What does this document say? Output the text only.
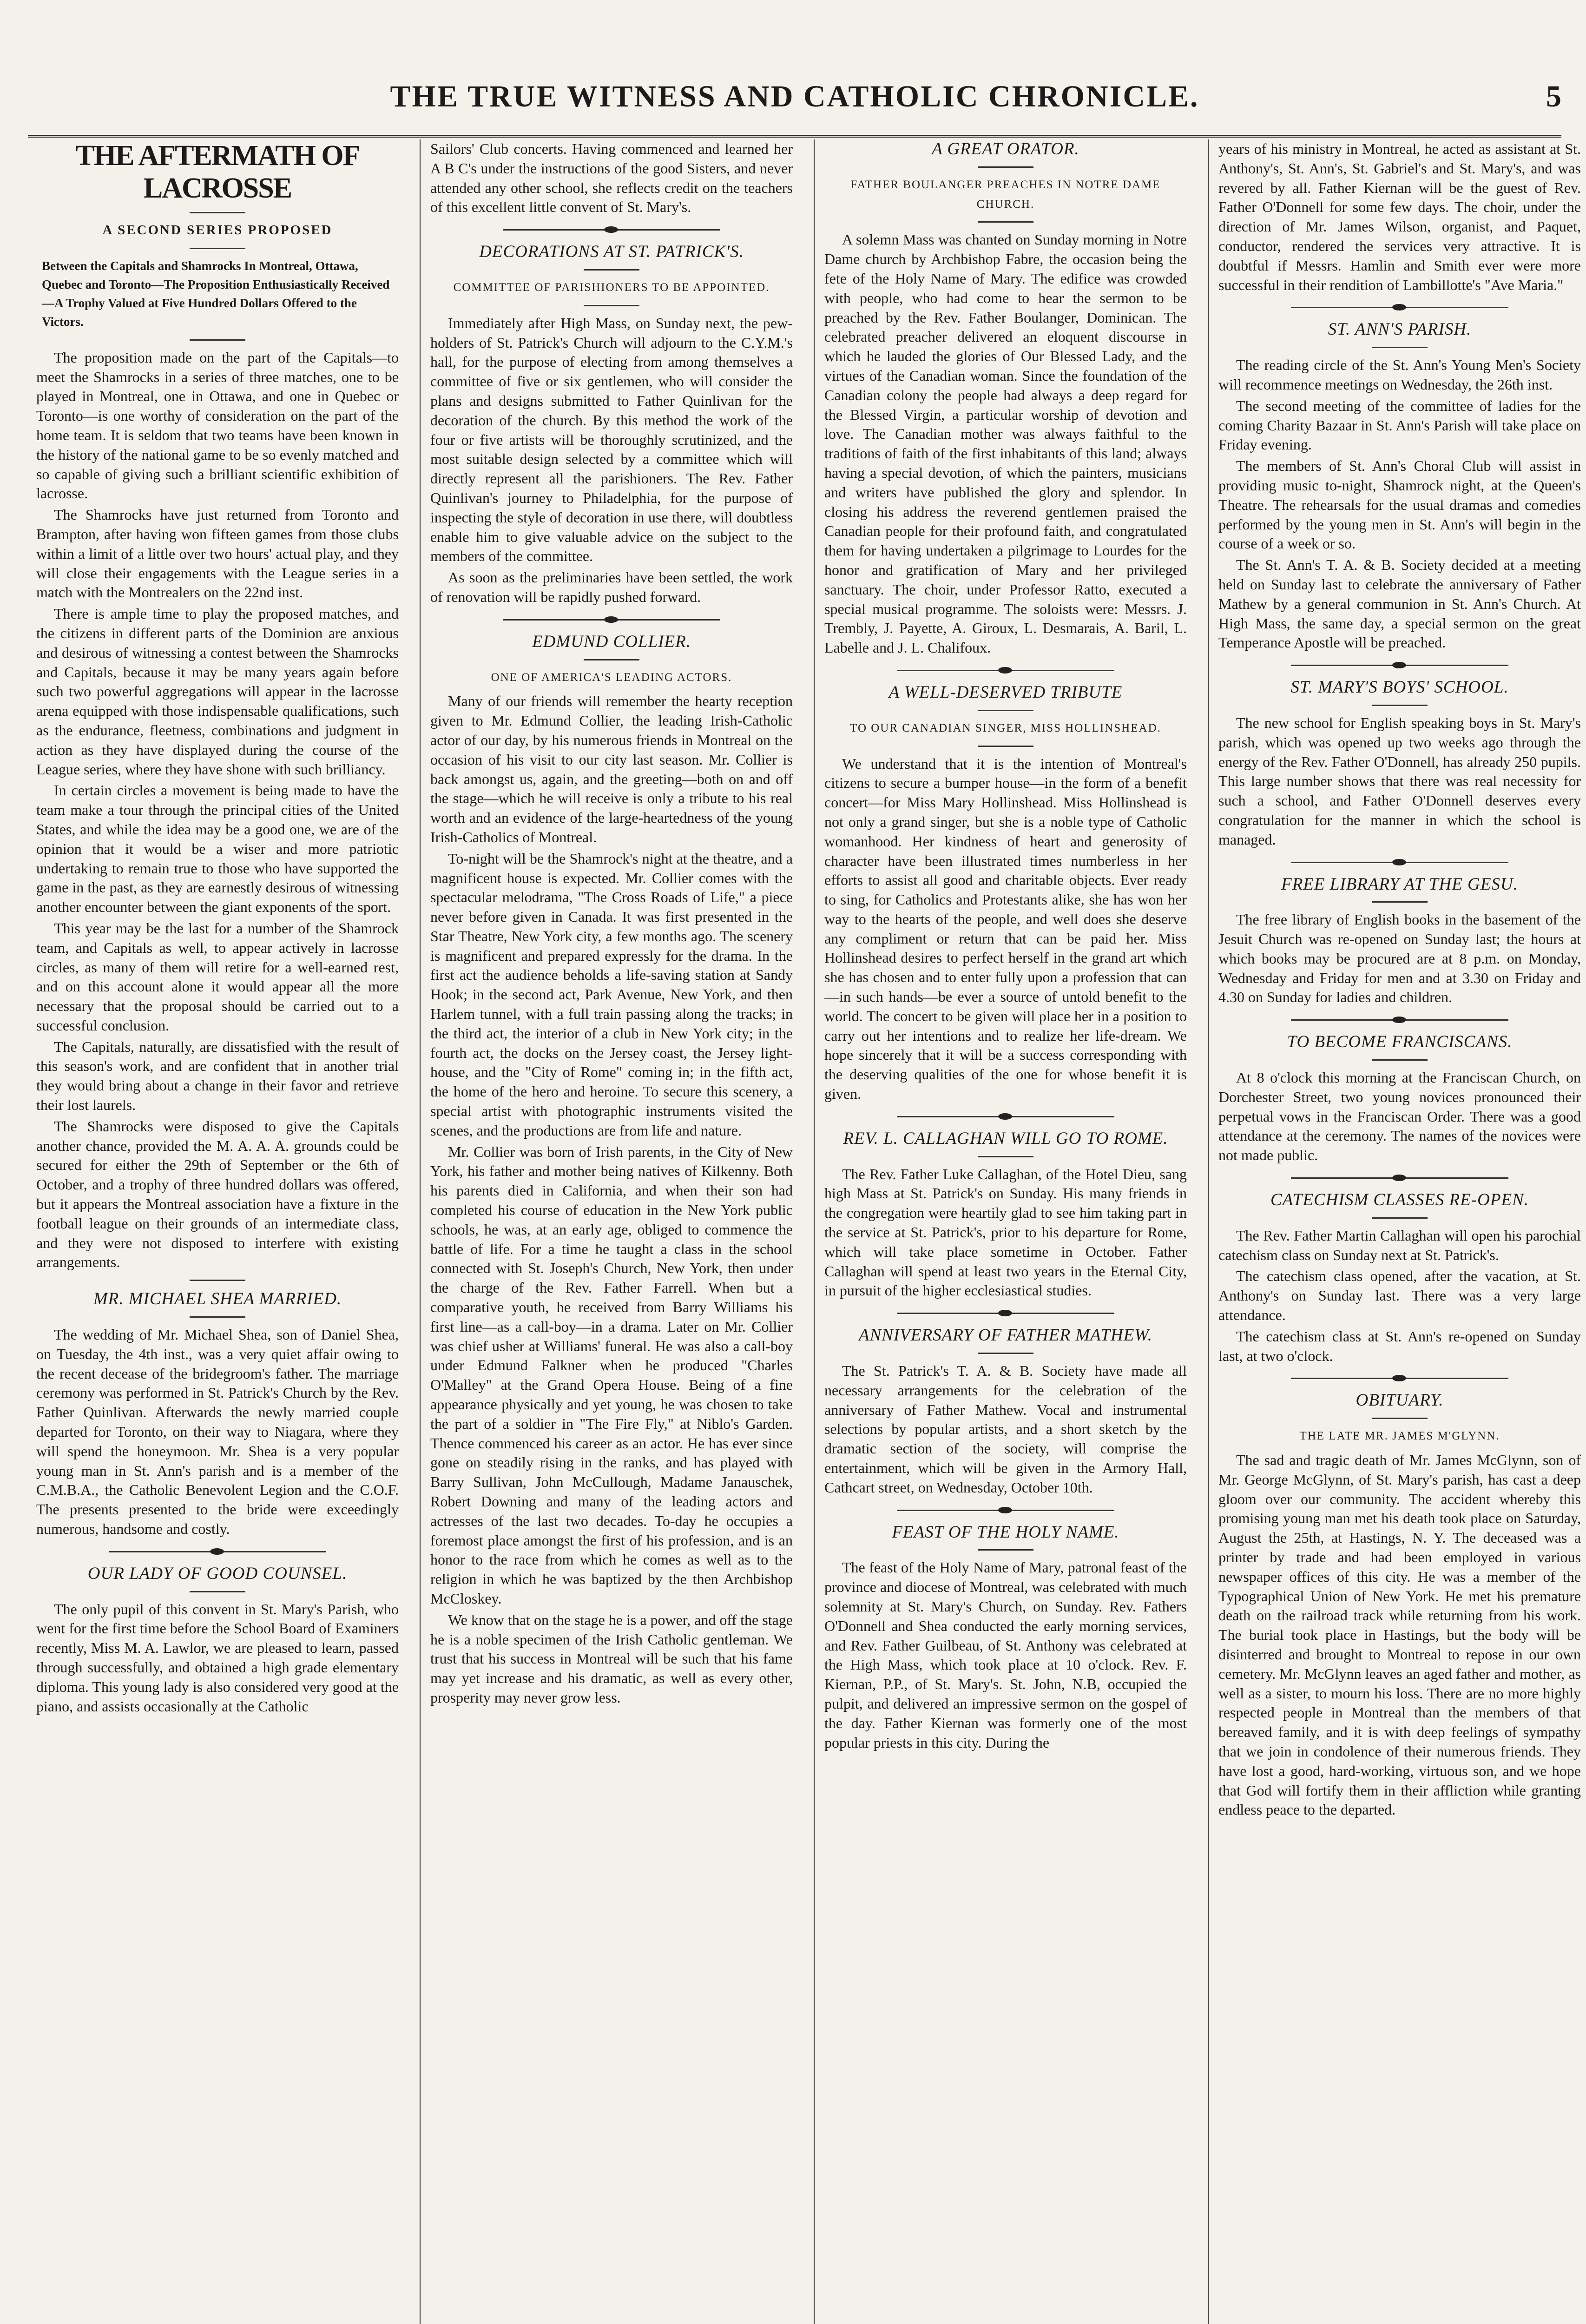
THE TRUE WITNESS AND CATHOLIC CHRONICLE.	5
THE AFTERMATH OF LACROSSE
A SECOND SERIES PROPOSED
Between the Capitals and Shamrocks In Montreal, Ottawa, Quebec and Toronto—The Proposition Enthusiastically Received—A Trophy Valued at Five Hundred Dollars Offered to the Victors.

The proposition made on the part of the Capitals—to meet the Shamrocks in a series of three matches, one to be played in Montreal, one in Ottawa, and one in Quebec or Toronto—is one worthy of consideration on the part of the home team. It is seldom that two teams have been known in the history of the national game to be so evenly matched and so capable of giving such a brilliant scientific exhibition of lacrosse.

The Shamrocks have just returned from Toronto and Brampton, after having won fifteen games from those clubs within a limit of a little over two hours' actual play, and they will close their engagements with the League series in a match with the Montrealers on the 22nd inst.

There is ample time to play the proposed matches, and the citizens in different parts of the Dominion are anxious and desirous of witnessing a contest between the Shamrocks and Capitals, because it may be many years again before such two powerful aggregations will appear in the lacrosse arena equipped with those indispensable qualifications, such as the endurance, fleetness, combinations and judgment in action as they have displayed during the course of the League series, where they have shone with such brilliancy.

In certain circles a movement is being made to have the team make a tour through the principal cities of the United States, and while the idea may be a good one, we are of the opinion that it would be a wiser and more patriotic undertaking to remain true to those who have supported the game in the past, as they are earnestly desirous of witnessing another encounter between the giant exponents of the sport.

This year may be the last for a number of the Shamrock team, and Capitals as well, to appear actively in lacrosse circles, as many of them will retire for a well-earned rest, and on this account alone it would appear all the more necessary that the proposal should be carried out to a successful conclusion.

The Capitals, naturally, are dissatisfied with the result of this season's work, and are confident that in another trial they would bring about a change in their favor and retrieve their lost laurels.

The Shamrocks were disposed to give the Capitals another chance, provided the M. A. A. A. grounds could be secured for either the 29th of September or the 6th of October, and a trophy of three hundred dollars was offered, but it appears the Montreal association have a fixture in the football league on their grounds of an intermediate class, and they were not disposed to interfere with existing arrangements.

MR. MICHAEL SHEA MARRIED.

The wedding of Mr. Michael Shea, son of Daniel Shea, on Tuesday, the 4th inst., was a very quiet affair owing to the recent decease of the bridegroom's father. The marriage ceremony was performed in St. Patrick's Church by the Rev. Father Quinlivan. Afterwards the newly married couple departed for Toronto, on their way to Niagara, where they will spend the honeymoon. Mr. Shea is a very popular young man in St. Ann's parish and is a member of the C.M.B.A., the Catholic Benevolent Legion and the C.O.F. The presents presented to the bride were exceedingly numerous, handsome and costly.

OUR LADY OF GOOD COUNSEL.

The only pupil of this convent in St. Mary's Parish, who went for the first time before the School Board of Examiners recently, Miss M. A. Lawlor, we are pleased to learn, passed through successfully, and obtained a high grade elementary diploma. This young lady is also considered very good at the piano, and assists occasionally at the Catholic

Sailors' Club concerts. Having commenced and learned her A B C's under the instructions of the good Sisters, and never attended any other school, she reflects credit on the teachers of this excellent little convent of St. Mary's.

DECORATIONS AT ST. PATRICK'S.
COMMITTEE OF PARISHIONERS TO BE APPOINTED.

Immediately after High Mass, on Sunday next, the pew-holders of St. Patrick's Church will adjourn to the C.Y.M.'s hall, for the purpose of electing from among themselves a committee of five or six gentlemen, who will consider the plans and designs submitted to Father Quinlivan for the decoration of the church. By this method the work of the four or five artists will be thoroughly scrutinized, and the most suitable design selected by a committee which will directly represent all the parishioners. The Rev. Father Quinlivan's journey to Philadelphia, for the purpose of inspecting the style of decoration in use there, will doubtless enable him to give valuable advice on the subject to the members of the committee.

As soon as the preliminaries have been settled, the work of renovation will be rapidly pushed forward.

EDMUND COLLIER.
ONE OF AMERICA'S LEADING ACTORS.

Many of our friends will remember the hearty reception given to Mr. Edmund Collier, the leading Irish-Catholic actor of our day, by his numerous friends in Montreal on the occasion of his visit to our city last season. Mr. Collier is back amongst us, again, and the greeting—both on and off the stage—which he will receive is only a tribute to his real worth and an evidence of the large-heartedness of the young Irish-Catholics of Montreal.

To-night will be the Shamrock's night at the theatre, and a magnificent house is expected. Mr. Collier comes with the spectacular melodrama, "The Cross Roads of Life," a piece never before given in Canada. It was first presented in the Star Theatre, New York city, a few months ago. The scenery is magnificent and prepared expressly for the drama. In the first act the audience beholds a life-saving station at Sandy Hook; in the second act, Park Avenue, New York, and then Harlem tunnel, with a full train passing along the tracks; in the third act, the interior of a club in New York city; in the fourth act, the docks on the Jersey coast, the Jersey light-house, and the "City of Rome" coming in; in the fifth act, the home of the hero and heroine. To secure this scenery, a special artist with photographic instruments visited the scenes, and the productions are from life and nature.

Mr. Collier was born of Irish parents, in the City of New York, his father and mother being natives of Kilkenny. Both his parents died in California, and when their son had completed his course of education in the New York public schools, he was, at an early age, obliged to commence the battle of life. For a time he taught a class in the school connected with St. Joseph's Church, New York, then under the charge of the Rev. Father Farrell. When but a comparative youth, he received from Barry Williams his first line—as a call-boy—in a drama. Later on Mr. Collier was chief usher at Williams' funeral. He was also a call-boy under Edmund Falkner when he produced "Charles O'Malley" at the Grand Opera House. Being of a fine appearance physically and yet young, he was chosen to take the part of a soldier in "The Fire Fly," at Niblo's Garden. Thence commenced his career as an actor. He has ever since gone on steadily rising in the ranks, and has played with Barry Sullivan, John McCullough, Madame Janauschek, Robert Downing and many of the leading actors and actresses of the last two decades. To-day he occupies a foremost place amongst the first of his profession, and is an honor to the race from which he comes as well as to the religion in which he was baptized by the then Archbishop McCloskey.

We know that on the stage he is a power, and off the stage he is a noble specimen of the Irish Catholic gentleman. We trust that his success in Montreal will be such that his fame may yet increase and his dramatic, as well as every other, prosperity may never grow less.

A GREAT ORATOR.
FATHER BOULANGER PREACHES IN NOTRE DAME CHURCH.

A solemn Mass was chanted on Sunday morning in Notre Dame church by Archbishop Fabre, the occasion being the fete of the Holy Name of Mary. The edifice was crowded with people, who had come to hear the sermon to be preached by the Rev. Father Boulanger, Dominican. The celebrated preacher delivered an eloquent discourse in which he lauded the glories of Our Blessed Lady, and the virtues of the Canadian woman. Since the foundation of the Canadian colony the people had always a deep regard for the Blessed Virgin, a particular worship of devotion and love. The Canadian mother was always faithful to the traditions of faith of the first inhabitants of this land; always having a special devotion, of which the painters, musicians and writers have published the glory and splendor. In closing his address the reverend gentlemen praised the Canadian people for their profound faith, and congratulated them for having undertaken a pilgrimage to Lourdes for the honor and gratification of Mary and her privileged sanctuary. The choir, under Professor Ratto, executed a special musical programme. The soloists were: Messrs. J. Trembly, J. Payette, A. Giroux, L. Desmarais, A. Baril, L. Labelle and J. L. Chalifoux.

A WELL-DESERVED TRIBUTE
TO OUR CANADIAN SINGER, MISS HOLLINSHEAD.

We understand that it is the intention of Montreal's citizens to secure a bumper house—in the form of a benefit concert—for Miss Mary Hollinshead. Miss Hollinshead is not only a grand singer, but she is a noble type of Catholic womanhood. Her kindness of heart and generosity of character have been illustrated times numberless in her efforts to assist all good and charitable objects. Ever ready to sing, for Catholics and Protestants alike, she has won her way to the hearts of the people, and well does she deserve any compliment or return that can be paid her. Miss Hollinshead desires to perfect herself in the grand art which she has chosen and to enter fully upon a profession that can—in such hands—be ever a source of untold benefit to the world. The concert to be given will place her in a position to carry out her intentions and to realize her life-dream. We hope sincerely that it will be a success corresponding with the deserving qualities of the one for whose benefit it is given.

REV. L. CALLAGHAN WILL GO TO ROME.

The Rev. Father Luke Callaghan, of the Hotel Dieu, sang high Mass at St. Patrick's on Sunday. His many friends in the congregation were heartily glad to see him taking part in the service at St. Patrick's, prior to his departure for Rome, which will take place sometime in October. Father Callaghan will spend at least two years in the Eternal City, in pursuit of the higher ecclesiastical studies.

ANNIVERSARY OF FATHER MATHEW.

The St. Patrick's T. A. & B. Society have made all necessary arrangements for the celebration of the anniversary of Father Mathew. Vocal and instrumental selections by popular artists, and a short sketch by the dramatic section of the society, will comprise the entertainment, which will be given in the Armory Hall, Cathcart street, on Wednesday, October 10th.

FEAST OF THE HOLY NAME.

The feast of the Holy Name of Mary, patronal feast of the province and diocese of Montreal, was celebrated with much solemnity at St. Mary's Church, on Sunday. Rev. Fathers O'Donnell and Shea conducted the early morning services, and Rev. Father Guilbeau, of St. Anthony was celebrated at the High Mass, which took place at 10 o'clock. Rev. F. Kiernan, P.P., of St. Mary's. St. John, N.B, occupied the pulpit, and delivered an impressive sermon on the gospel of the day. Father Kiernan was formerly one of the most popular priests in this city. During the

years of his ministry in Montreal, he acted as assistant at St. Anthony's, St. Ann's, St. Gabriel's and St. Mary's, and was revered by all. Father Kiernan will be the guest of Rev. Father O'Donnell for some few days. The choir, under the direction of Mr. James Wilson, organist, and Paquet, conductor, rendered the services very attractive. It is doubtful if Messrs. Hamlin and Smith ever were more successful in their rendition of Lambillotte's "Ave Maria."

ST. ANN'S PARISH.

The reading circle of the St. Ann's Young Men's Society will recommence meetings on Wednesday, the 26th inst.

The second meeting of the committee of ladies for the coming Charity Bazaar in St. Ann's Parish will take place on Friday evening.

The members of St. Ann's Choral Club will assist in providing music to-night, Shamrock night, at the Queen's Theatre. The rehearsals for the usual dramas and comedies performed by the young men in St. Ann's will begin in the course of a week or so.

The St. Ann's T. A. & B. Society decided at a meeting held on Sunday last to celebrate the anniversary of Father Mathew by a general communion in St. Ann's Church. At High Mass, the same day, a special sermon on the great Temperance Apostle will be preached.

ST. MARY'S BOYS' SCHOOL.

The new school for English speaking boys in St. Mary's parish, which was opened up two weeks ago through the energy of the Rev. Father O'Donnell, has already 250 pupils. This large number shows that there was real necessity for such a school, and Father O'Donnell deserves every congratulation for the manner in which the school is managed.

FREE LIBRARY AT THE GESU.

The free library of English books in the basement of the Jesuit Church was re-opened on Sunday last; the hours at which books may be procured are at 8 p.m. on Monday, Wednesday and Friday for men and at 3.30 on Friday and 4.30 on Sunday for ladies and children.

TO BECOME FRANCISCANS.

At 8 o'clock this morning at the Franciscan Church, on Dorchester Street, two young novices pronounced their perpetual vows in the Franciscan Order. There was a good attendance at the ceremony. The names of the novices were not made public.

CATECHISM CLASSES RE-OPEN.

The Rev. Father Martin Callaghan will open his parochial catechism class on Sunday next at St. Patrick's.

The catechism class opened, after the vacation, at St. Anthony's on Sunday last. There was a very large attendance.

The catechism class at St. Ann's re-opened on Sunday last, at two o'clock.

OBITUARY.
THE LATE MR. JAMES M'GLYNN.

The sad and tragic death of Mr. James McGlynn, son of Mr. George McGlynn, of St. Mary's parish, has cast a deep gloom over our community. The accident whereby this promising young man met his death took place on Saturday, August the 25th, at Hastings, N. Y. The deceased was a printer by trade and had been employed in various newspaper offices of this city. He was a member of the Typographical Union of New York. He met his premature death on the railroad track while returning from his work. The burial took place in Hastings, but the body will be disinterred and brought to Montreal to repose in our own cemetery. Mr. McGlynn leaves an aged father and mother, as well as a sister, to mourn his loss. There are no more highly respected people in Montreal than the members of that bereaved family, and it is with deep feelings of sympathy that we join in condolence of their numerous friends. They have lost a good, hard-working, virtuous son, and we hope that God will fortify them in their affliction while granting endless peace to the departed.
